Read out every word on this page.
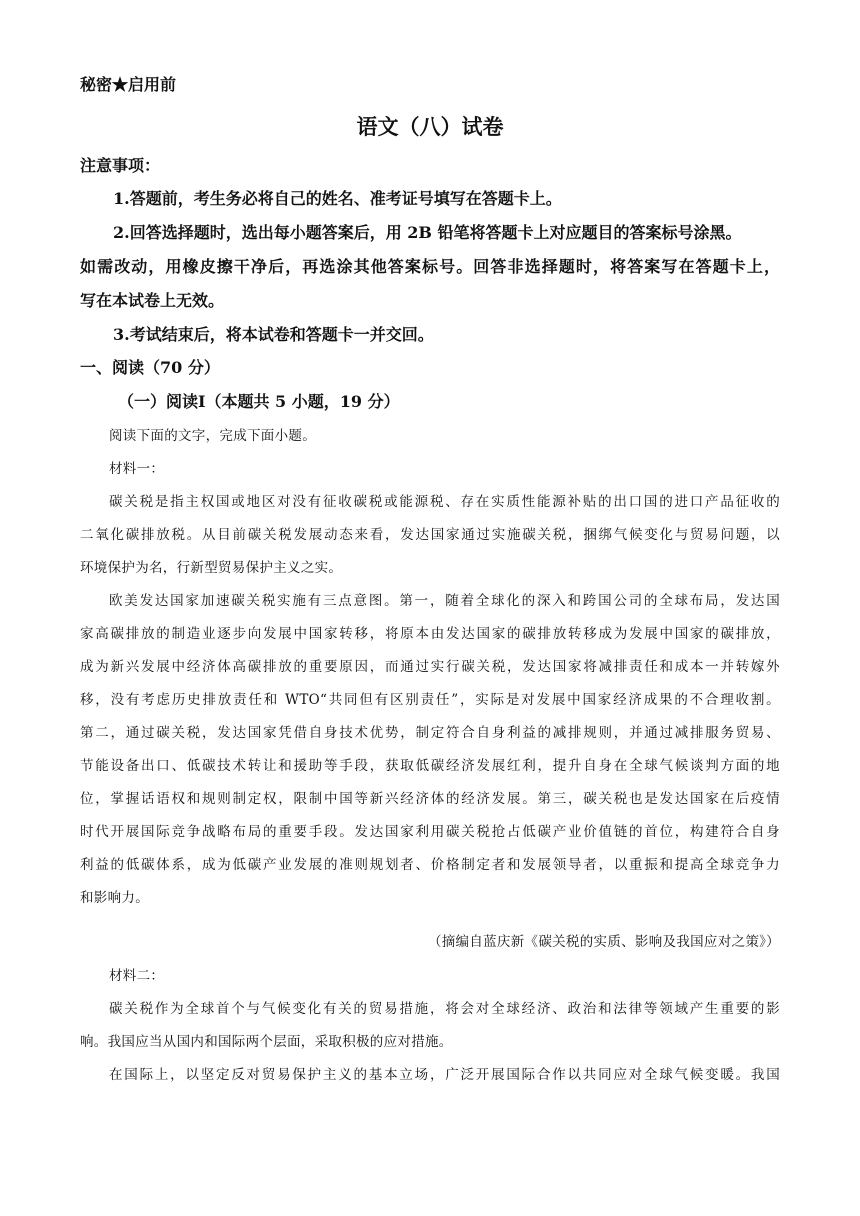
秘密★启用前
语文（八）试卷
注意事项：
1.答题前，考生务必将自己的姓名、准考证号填写在答题卡上。
2.回答选择题时，选出每小题答案后，用 2B 铅笔将答题卡上对应题目的答案标号涂黑。
如需改动，用橡皮擦干净后，再选涂其他答案标号。回答非选择题时，将答案写在答题卡上，
写在本试卷上无效。
3.考试结束后，将本试卷和答题卡一并交回。
一、阅读（70 分）
（一）阅读Ⅰ（本题共 5 小题，19 分）
阅读下面的文字，完成下面小题。
材料一：
碳关税是指主权国或地区对没有征收碳税或能源税、存在实质性能源补贴的出口国的进口产品征收的
二氧化碳排放税。从目前碳关税发展动态来看，发达国家通过实施碳关税，捆绑气候变化与贸易问题，以
环境保护为名，行新型贸易保护主义之实。
欧美发达国家加速碳关税实施有三点意图。第一，随着全球化的深入和跨国公司的全球布局，发达国
家高碳排放的制造业逐步向发展中国家转移，将原本由发达国家的碳排放转移成为发展中国家的碳排放，
成为新兴发展中经济体高碳排放的重要原因，而通过实行碳关税，发达国家将减排责任和成本一并转嫁外
移，没有考虑历史排放责任和 WTO“共同但有区别责任”，实际是对发展中国家经济成果的不合理收割。
第二，通过碳关税，发达国家凭借自身技术优势，制定符合自身利益的减排规则，并通过减排服务贸易、
节能设备出口、低碳技术转让和援助等手段，获取低碳经济发展红利，提升自身在全球气候谈判方面的地
位，掌握话语权和规则制定权，限制中国等新兴经济体的经济发展。第三，碳关税也是发达国家在后疫情
时代开展国际竞争战略布局的重要手段。发达国家利用碳关税抢占低碳产业价值链的首位，构建符合自身
利益的低碳体系，成为低碳产业发展的准则规划者、价格制定者和发展领导者，以重振和提高全球竞争力
和影响力。
（摘编自蓝庆新《碳关税的实质、影响及我国应对之策》）
材料二：
碳关税作为全球首个与气候变化有关的贸易措施，将会对全球经济、政治和法律等领域产生重要的影
响。我国应当从国内和国际两个层面，采取积极的应对措施。
在国际上，以坚定反对贸易保护主义的基本立场，广泛开展国际合作以共同应对全球气候变暖。我国
